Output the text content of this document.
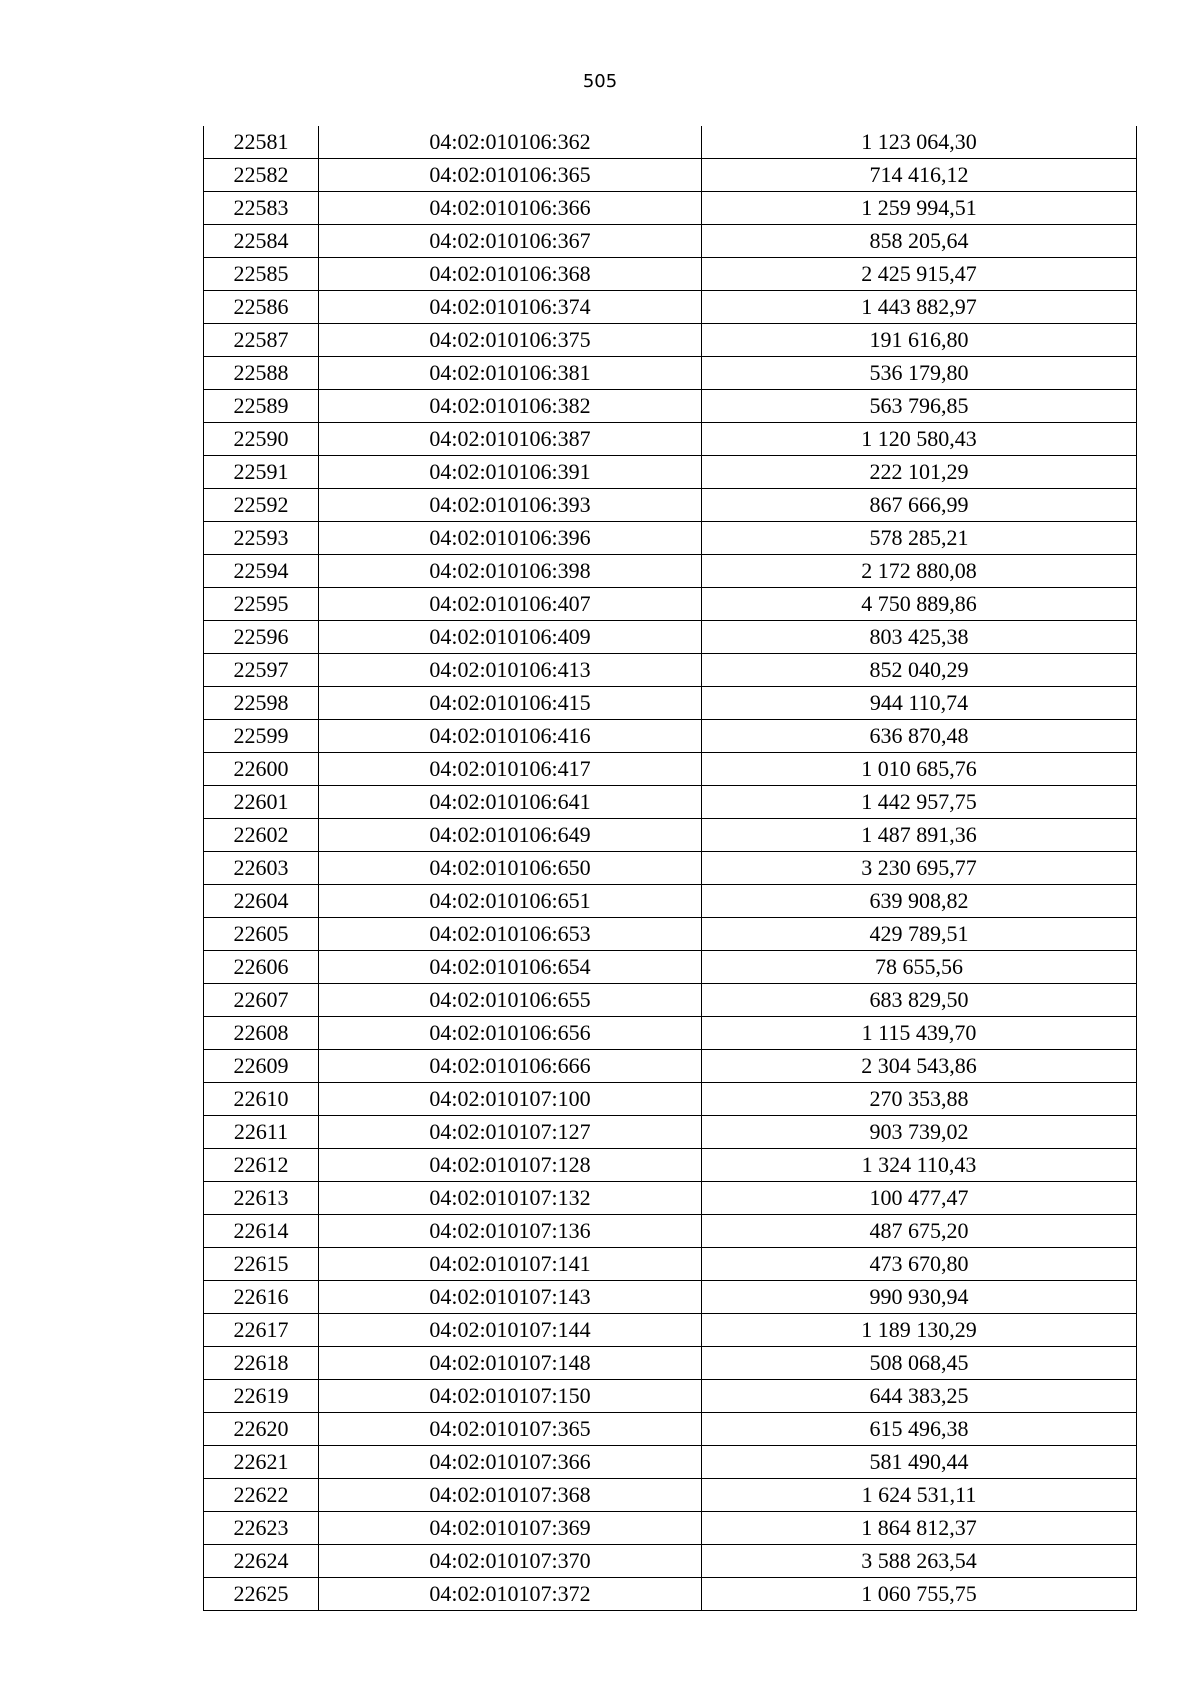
505
22581	04:02:010106:362	1 123 064,30
22582	04:02:010106:365	714 416,12
22583	04:02:010106:366	1 259 994,51
22584	04:02:010106:367	858 205,64
22585	04:02:010106:368	2 425 915,47
22586	04:02:010106:374	1 443 882,97
22587	04:02:010106:375	191 616,80
22588	04:02:010106:381	536 179,80
22589	04:02:010106:382	563 796,85
22590	04:02:010106:387	1 120 580,43
22591	04:02:010106:391	222 101,29
22592	04:02:010106:393	867 666,99
22593	04:02:010106:396	578 285,21
22594	04:02:010106:398	2 172 880,08
22595	04:02:010106:407	4 750 889,86
22596	04:02:010106:409	803 425,38
22597	04:02:010106:413	852 040,29
22598	04:02:010106:415	944 110,74
22599	04:02:010106:416	636 870,48
22600	04:02:010106:417	1 010 685,76
22601	04:02:010106:641	1 442 957,75
22602	04:02:010106:649	1 487 891,36
22603	04:02:010106:650	3 230 695,77
22604	04:02:010106:651	639 908,82
22605	04:02:010106:653	429 789,51
22606	04:02:010106:654	78 655,56
22607	04:02:010106:655	683 829,50
22608	04:02:010106:656	1 115 439,70
22609	04:02:010106:666	2 304 543,86
22610	04:02:010107:100	270 353,88
22611	04:02:010107:127	903 739,02
22612	04:02:010107:128	1 324 110,43
22613	04:02:010107:132	100 477,47
22614	04:02:010107:136	487 675,20
22615	04:02:010107:141	473 670,80
22616	04:02:010107:143	990 930,94
22617	04:02:010107:144	1 189 130,29
22618	04:02:010107:148	508 068,45
22619	04:02:010107:150	644 383,25
22620	04:02:010107:365	615 496,38
22621	04:02:010107:366	581 490,44
22622	04:02:010107:368	1 624 531,11
22623	04:02:010107:369	1 864 812,37
22624	04:02:010107:370	3 588 263,54
22625	04:02:010107:372	1 060 755,75
